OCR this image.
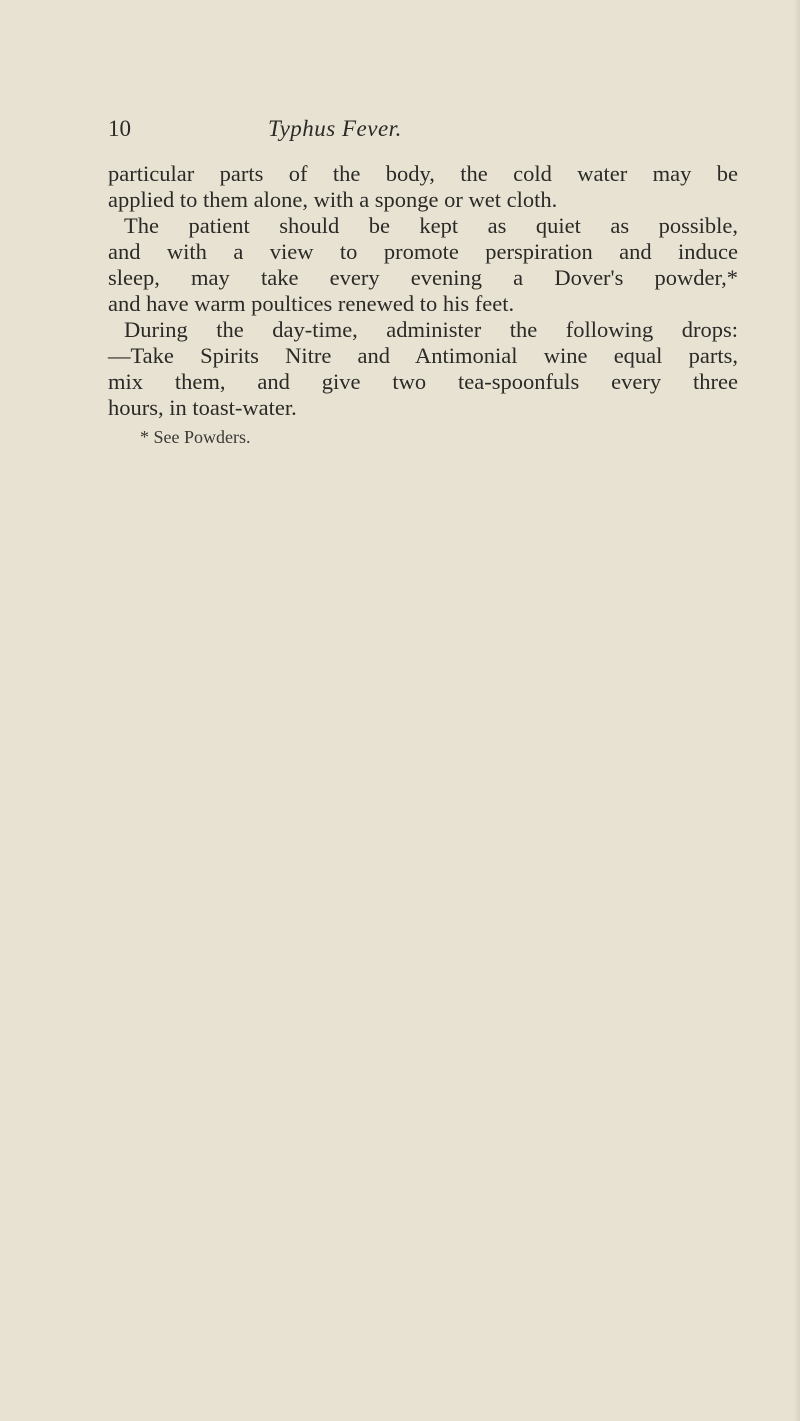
10	Typhus Fever.
particular parts of the body, the cold water may be
applied to them alone, with a sponge or wet cloth.
The patient should be kept as quiet as possible,
and with a view to promote perspiration and induce
sleep, may take every evening a Dover's powder,*
and have warm poultices renewed to his feet.
During the day-time, administer the following drops:
—Take Spirits Nitre and Antimonial wine equal parts,
mix them, and give two tea-spoonfuls every three
hours, in toast-water.
* See Powders.
